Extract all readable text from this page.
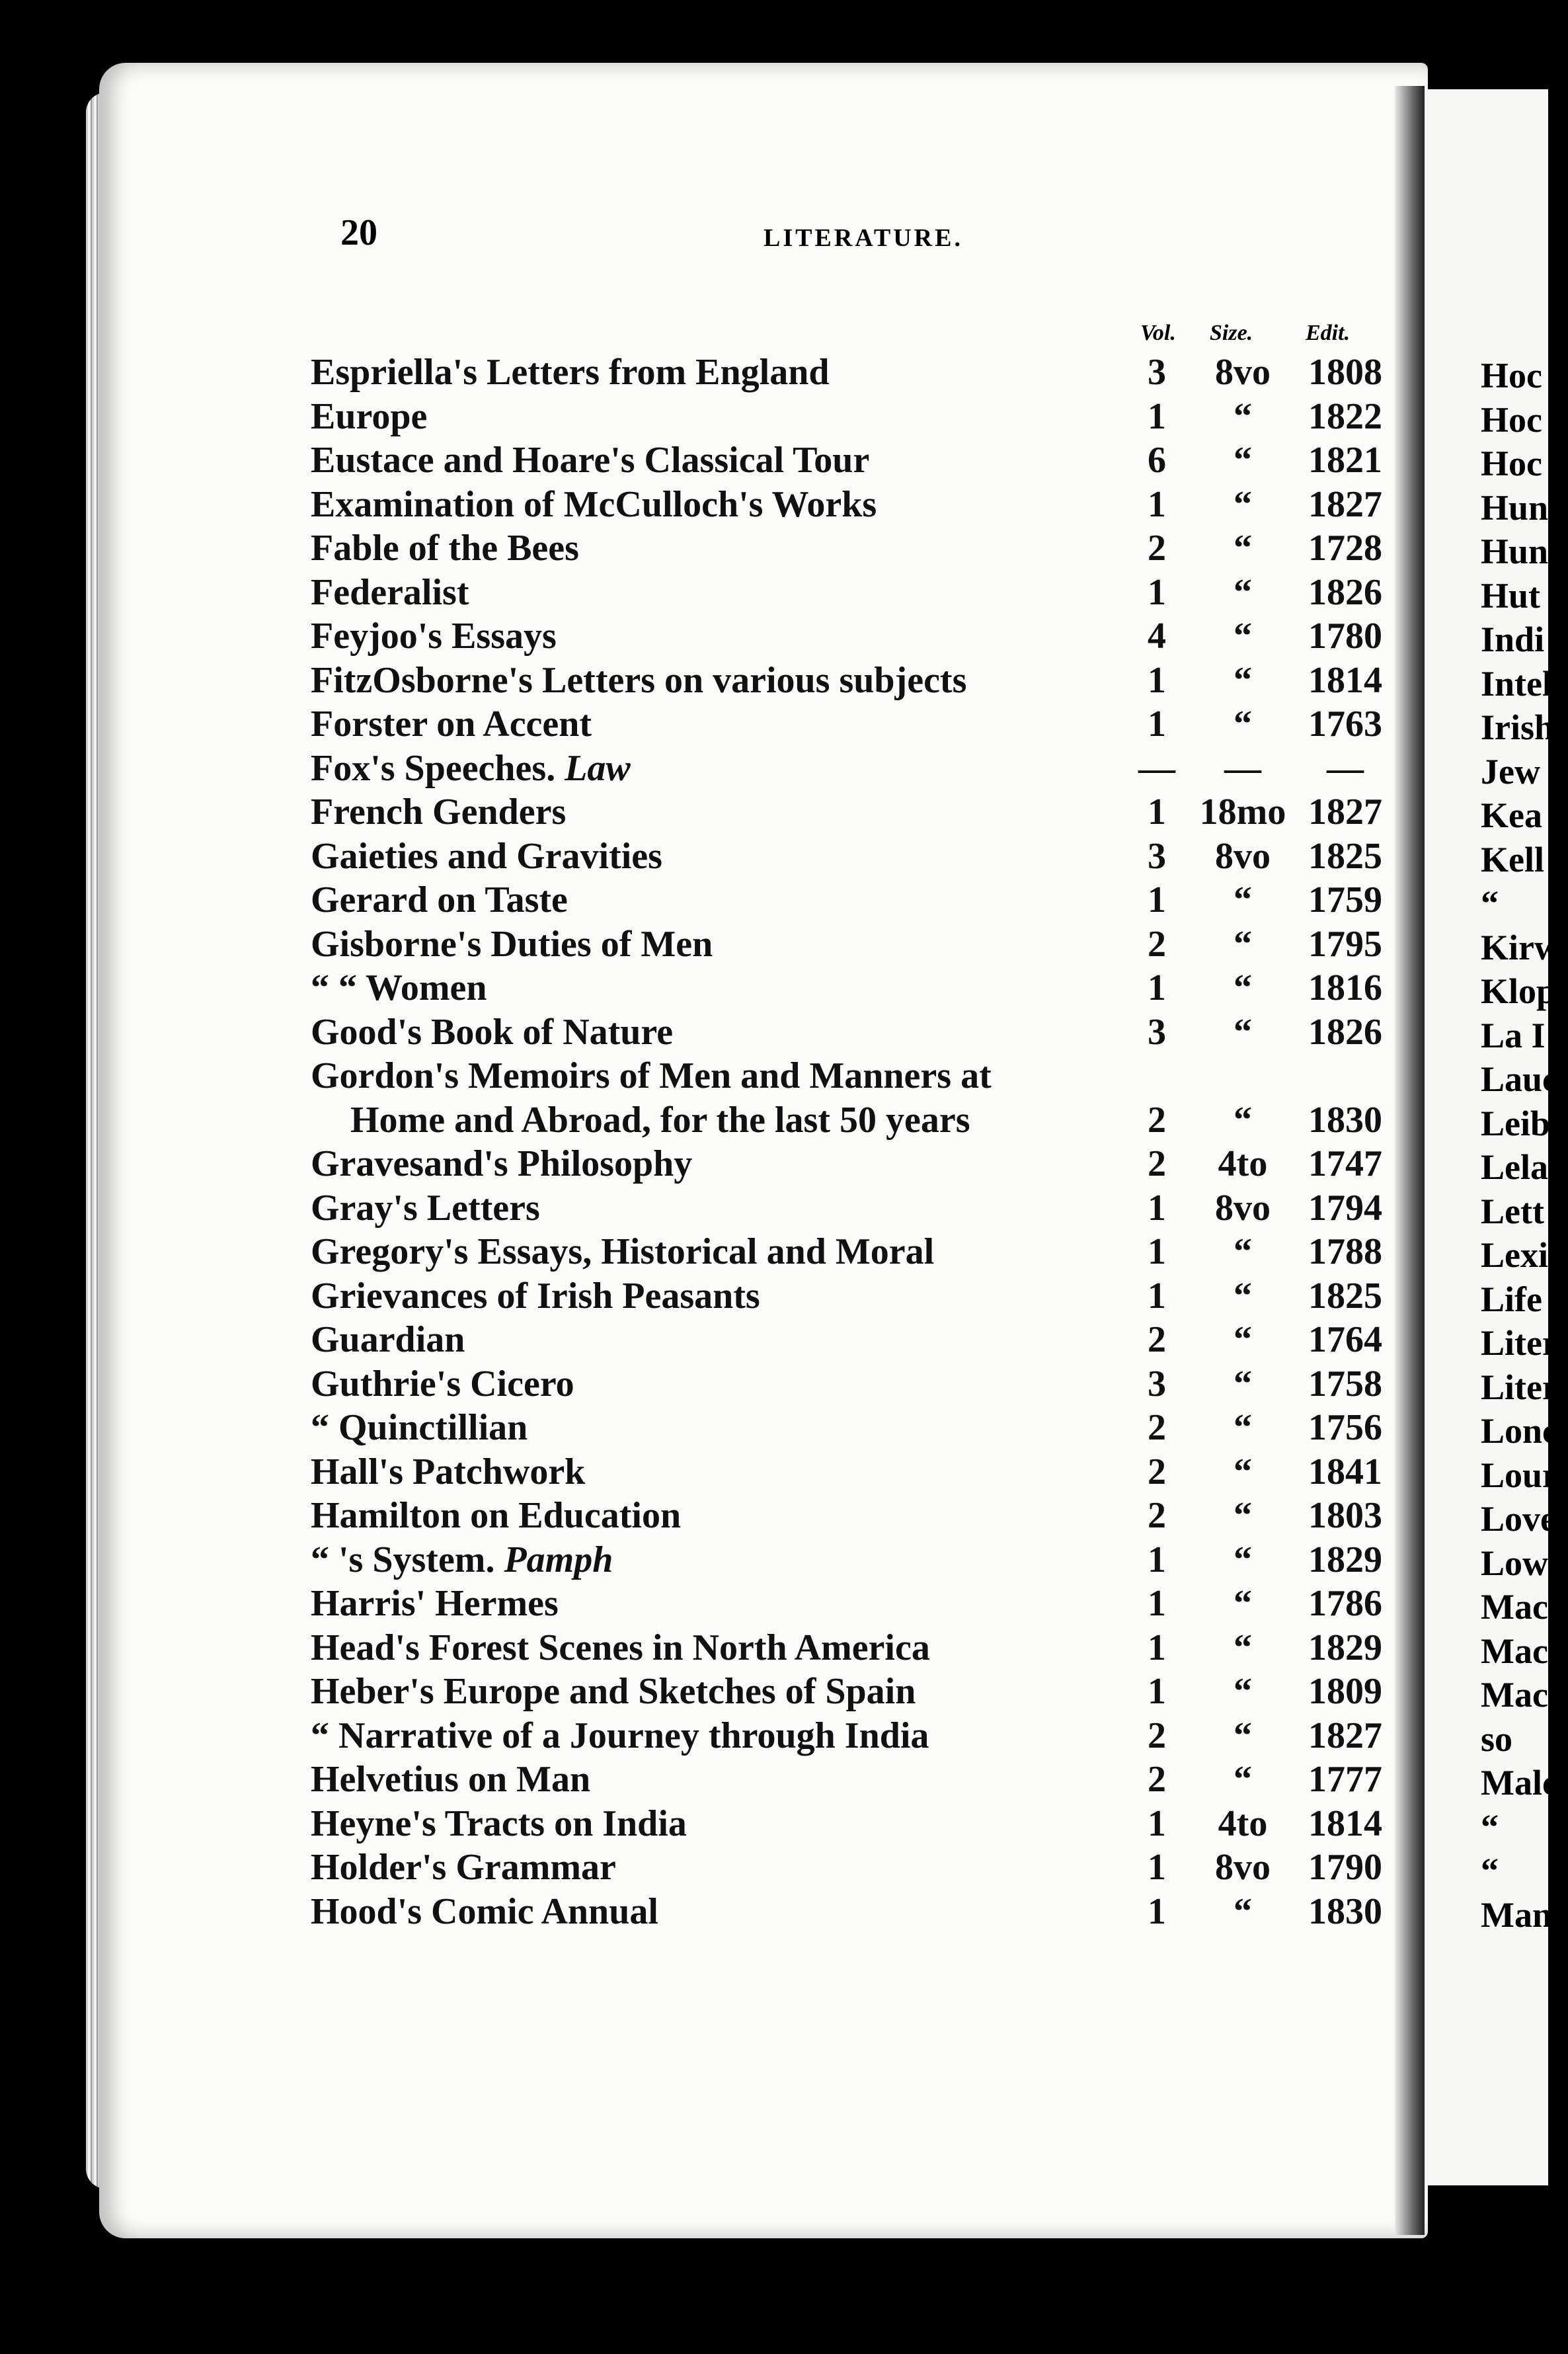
20	LITERATURE.
Vol. Size. Edit.
Espriella's Letters from England	3	8vo	1808
Europe	1	“	1822
Eustace and Hoare's Classical Tour	6	“	1821
Examination of McCulloch's Works	1	“	1827
Fable of the Bees	2	“	1728
Federalist	1	“	1826
Feyjoo's Essays	4	“	1780
FitzOsborne's Letters on various subjects	1	“	1814
Forster on Accent	1	“	1763
Fox's Speeches. Law	—	—	—
French Genders	1 18mo 1827
Gaieties and Gravities	3	8vo	1825
Gerard on Taste	1	“	1759
Gisborne's Duties of Men	2	“	1795
“ “ Women	1	“	1816
Good's Book of Nature	3	“	1826
Gordon's Memoirs of Men and Manners at
Home and Abroad, for the last 50 years	2	“	1830
Gravesand's Philosophy	2	4to	1747
Gray's Letters	1	8vo	1794
Gregory's Essays, Historical and Moral	1	“	1788
Grievances of Irish Peasants	1	“	1825
Guardian	2	“	1764
Guthrie's Cicero	3	“	1758
“ Quinctillian	2	“	1756
Hall's Patchwork	2	“	1841
Hamilton on Education	2	“	1803
“ 's System. Pamph	1	“	1829
Harris' Hermes	1	“	1786
Head's Forest Scenes in North America	1	“	1829
Heber's Europe and Sketches of Spain	1	“	1809
“ Narrative of a Journey through India	2	“	1827
Helvetius on Man	2	“	1777
Heyne's Tracts on India	1	4to	1814
Holder's Grammar	1	8vo	1790
Hood's Comic Annual	1	“	1830
Hoc
Hoc
Hoc
Hun
Hun
Hut
Indi
Intel
Irish
Jew
Kea
Kell
“
Kirw
Klop
La I
Lauc
Leib
Lela
Lett
Lexi
Life
Liter
Liter
Lonc
Lour
Love
Low
Mac
Mack
Mack
so
Malc
“
“
Man
